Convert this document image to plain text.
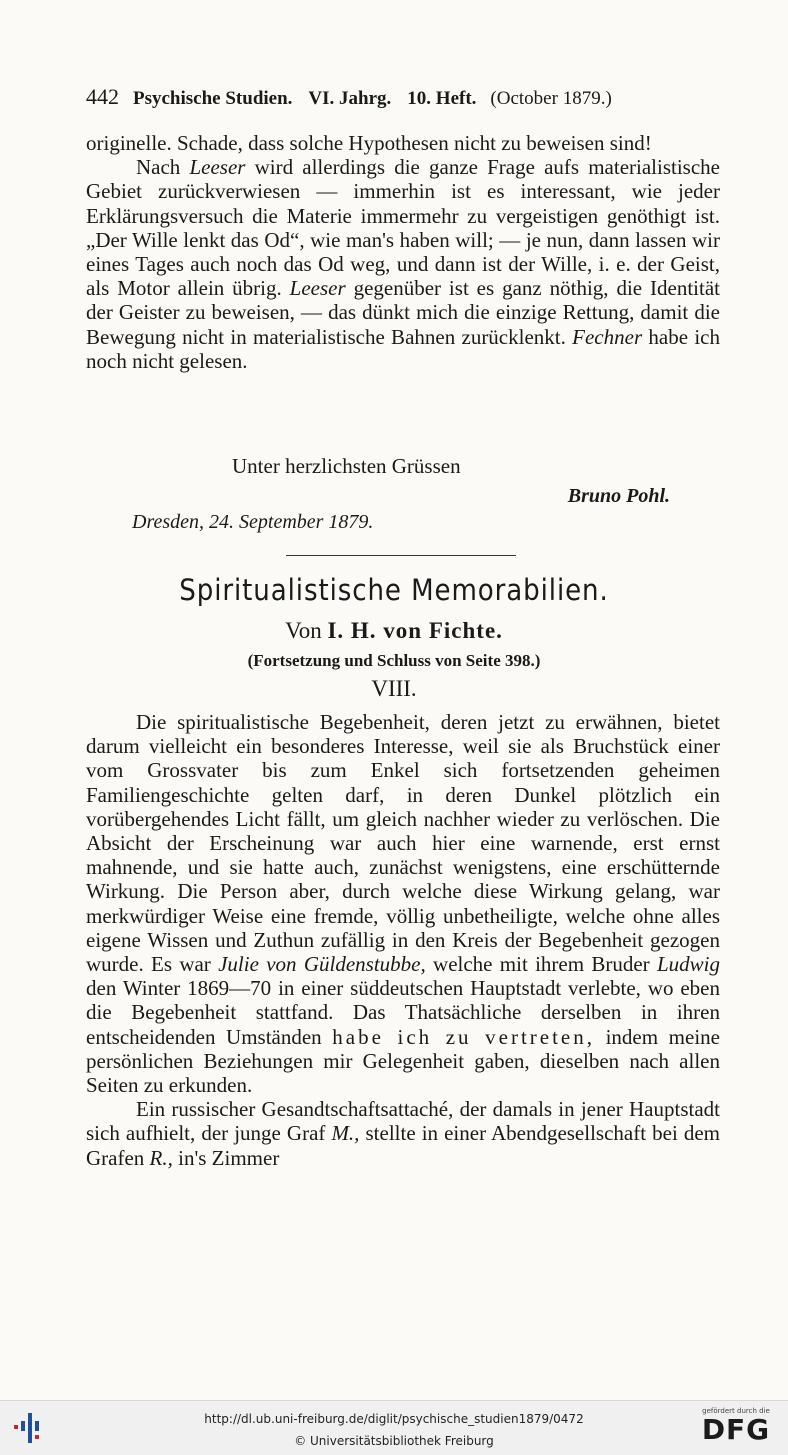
442 Psychische Studien. VI. Jahrg. 10. Heft. (October 1879.)

originelle. Schade, dass solche Hypothesen nicht zu beweisen sind!

Nach Leeser wird allerdings die ganze Frage aufs materialistische Gebiet zurückverwiesen — immerhin ist es interessant, wie jeder Erklärungsversuch die Materie immermehr zu vergeistigen genöthigt ist. „Der Wille lenkt das Od“, wie man's haben will; — je nun, dann lassen wir eines Tages auch noch das Od weg, und dann ist der Wille, i. e. der Geist, als Motor allein übrig. Leeser gegenüber ist es ganz nöthig, die Identität der Geister zu beweisen, — das dünkt mich die einzige Rettung, damit die Bewegung nicht in materialistische Bahnen zurücklenkt. Fechner habe ich noch nicht gelesen.

Unter herzlichsten Grüssen
Bruno Pohl.
Dresden, 24. September 1879.
Spiritualistische Memorabilien.
Von I. H. von Fichte.
(Fortsetzung und Schluss von Seite 398.)
VIII.

Die spiritualistische Begebenheit, deren jetzt zu erwähnen, bietet darum vielleicht ein besonderes Interesse, weil sie als Bruchstück einer vom Grossvater bis zum Enkel sich fortsetzenden geheimen Familiengeschichte gelten darf, in deren Dunkel plötzlich ein vorübergehendes Licht fällt, um gleich nachher wieder zu verlöschen. Die Absicht der Erscheinung war auch hier eine warnende, erst ernst mahnende, und sie hatte auch, zunächst wenigstens, eine erschütternde Wirkung. Die Person aber, durch welche diese Wirkung gelang, war merkwürdiger Weise eine fremde, völlig unbetheiligte, welche ohne alles eigene Wissen und Zuthun zufällig in den Kreis der Begebenheit gezogen wurde. Es war Julie von Güldenstubbe, welche mit ihrem Bruder Ludwig den Winter 1869—70 in einer süddeutschen Hauptstadt verlebte, wo eben die Begebenheit stattfand. Das Thatsächliche derselben in ihren entscheidenden Umständen habe ich zu vertreten, indem meine persönlichen Beziehungen mir Gelegenheit gaben, dieselben nach allen Seiten zu erkunden.

Ein russischer Gesandtschaftsattaché, der damals in jener Hauptstadt sich aufhielt, der junge Graf M., stellte in einer Abendgesellschaft bei dem Grafen R., in's Zimmer

http://dl.ub.uni-freiburg.de/diglit/psychische_studien1879/0472
© Universitätsbibliothek Freiburg
gefördert durch die
DFG
